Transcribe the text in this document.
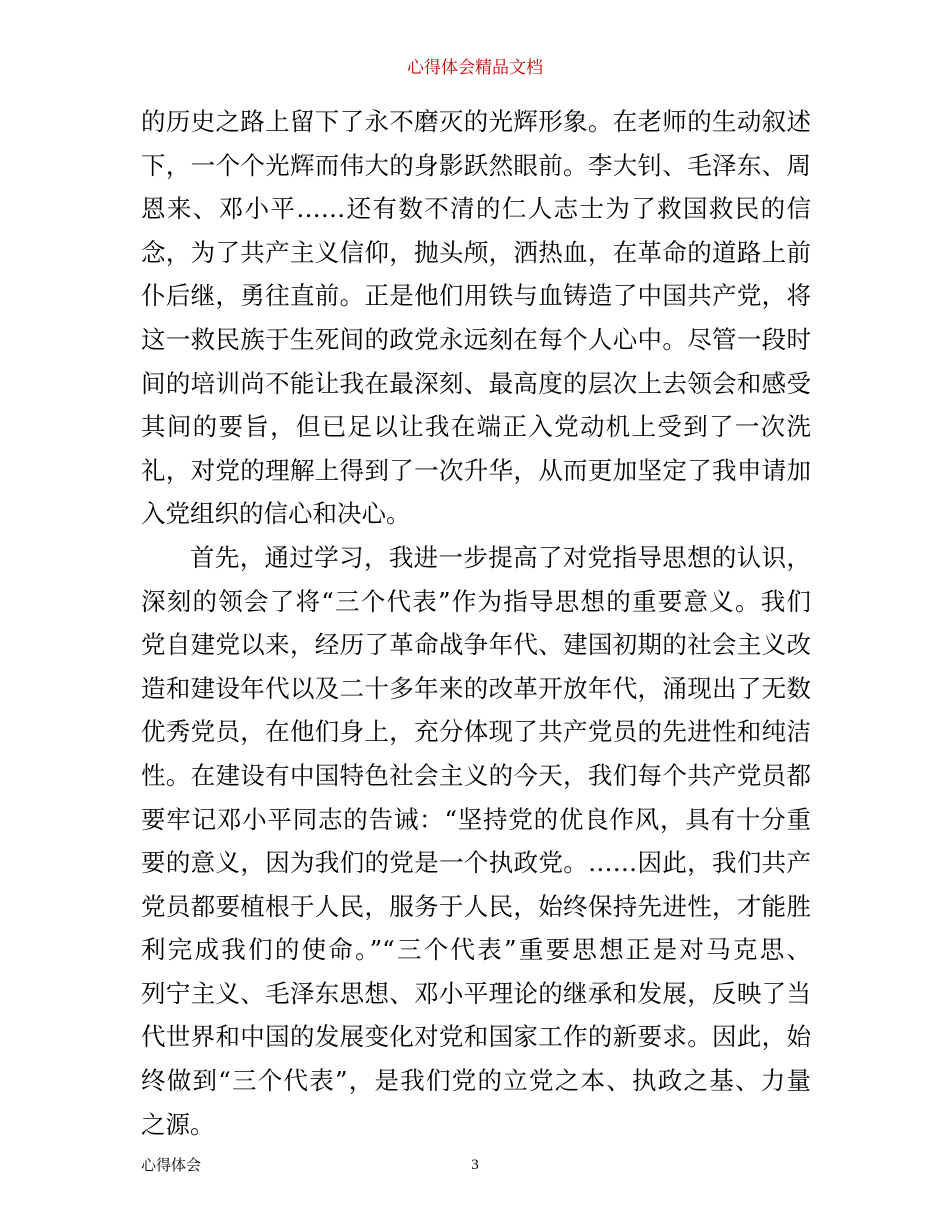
心得体会精品文档
的历史之路上留下了永不磨灭的光辉形象。在老师的生动叙述
下，一个个光辉而伟大的身影跃然眼前。李大钊、毛泽东、周
恩来、邓小平……还有数不清的仁人志士为了救国救民的信
念，为了共产主义信仰，抛头颅，洒热血，在革命的道路上前
仆后继，勇往直前。正是他们用铁与血铸造了中国共产党，将
这一救民族于生死间的政党永远刻在每个人心中。尽管一段时
间的培训尚不能让我在最深刻、最高度的层次上去领会和感受
其间的要旨，但已足以让我在端正入党动机上受到了一次洗
礼，对党的理解上得到了一次升华，从而更加坚定了我申请加
入党组织的信心和决心。
首先，通过学习，我进一步提高了对党指导思想的认识，
深刻的领会了将“三个代表”作为指导思想的重要意义。我们
党自建党以来，经历了革命战争年代、建国初期的社会主义改
造和建设年代以及二十多年来的改革开放年代，涌现出了无数
优秀党员，在他们身上，充分体现了共产党员的先进性和纯洁
性。在建设有中国特色社会主义的今天，我们每个共产党员都
要牢记邓小平同志的告诫：“坚持党的优良作风，具有十分重
要的意义，因为我们的党是一个执政党。……因此，我们共产
党员都要植根于人民，服务于人民，始终保持先进性，才能胜
利完成我们的使命。”“三个代表”重要思想正是对马克思、
列宁主义、毛泽东思想、邓小平理论的继承和发展，反映了当
代世界和中国的发展变化对党和国家工作的新要求。因此，始
终做到“三个代表”，是我们党的立党之本、执政之基、力量
之源。
心得体会	3
